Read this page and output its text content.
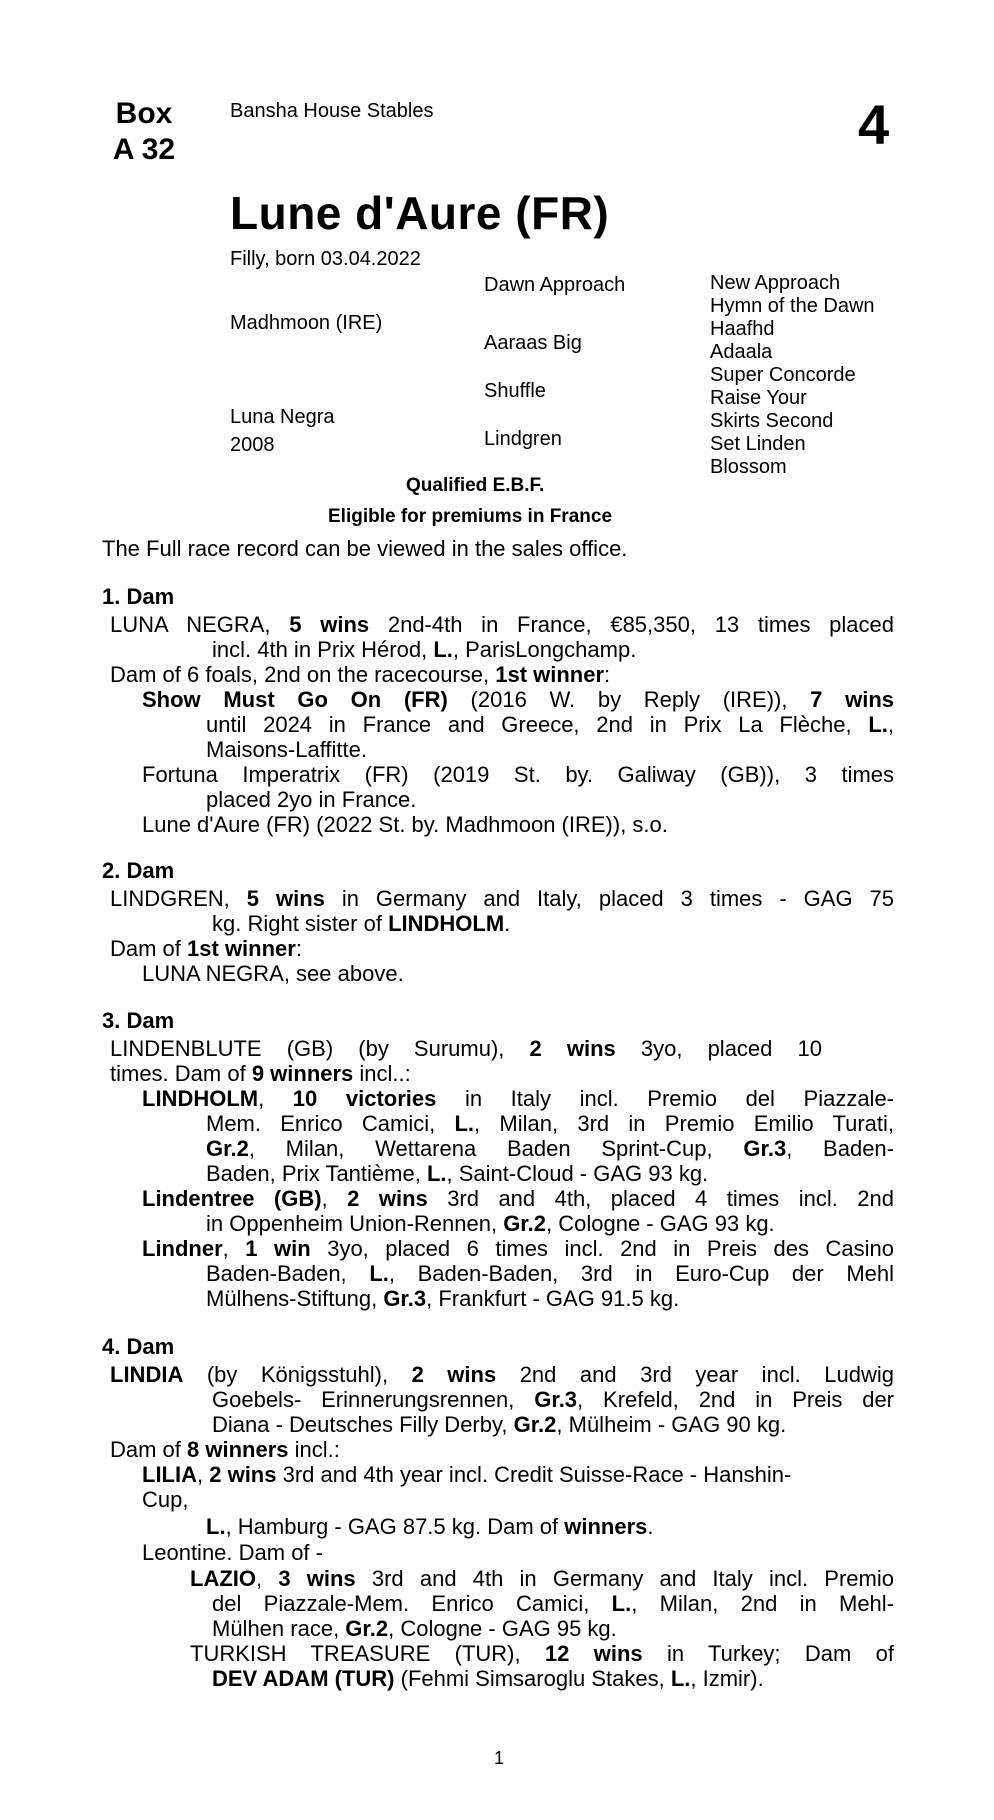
Box
A 32
Bansha House Stables	4
Lune d'Aure (FR)
Filly, born 03.04.2022
Madhmoon (IRE)
Luna Negra
2008
Dawn Approach
Aaraas Big
Shuffle
Lindgren
New Approach
Hymn of the Dawn
Haafhd
Adaala
Super Concorde
Raise Your
Skirts Second
Set Linden
Blossom
Qualified E.B.F.
Eligible for premiums in France
The Full race record can be viewed in the sales office.
1. Dam
LUNA NEGRA, 5 wins 2nd-4th in France, €85,350, 13 times placed
incl. 4th in Prix Hérod, L., ParisLongchamp.
Dam of 6 foals, 2nd on the racecourse, 1st winner:
Show Must Go On (FR) (2016 W. by Reply (IRE)), 7 wins
until 2024 in France and Greece, 2nd in Prix La Flèche, L.,
Maisons-Laffitte.
Fortuna Imperatrix (FR) (2019 St. by. Galiway (GB)), 3 times
placed 2yo in France.
Lune d'Aure (FR) (2022 St. by. Madhmoon (IRE)), s.o.
2. Dam
LINDGREN, 5 wins in Germany and Italy, placed 3 times - GAG 75
kg. Right sister of LINDHOLM.
Dam of 1st winner:
LUNA NEGRA, see above.
3. Dam
LINDENBLUTE (GB) (by Surumu), 2 wins 3yo, placed 10
times. Dam of 9 winners incl..:
LINDHOLM, 10 victories in Italy incl. Premio del Piazzale-
Mem. Enrico Camici, L., Milan, 3rd in Premio Emilio Turati,
Gr.2, Milan, Wettarena Baden Sprint-Cup, Gr.3, Baden-
Baden, Prix Tantième, L., Saint-Cloud - GAG 93 kg.
Lindentree (GB), 2 wins 3rd and 4th, placed 4 times incl. 2nd
in Oppenheim Union-Rennen, Gr.2, Cologne - GAG 93 kg.
Lindner, 1 win 3yo, placed 6 times incl. 2nd in Preis des Casino
Baden-Baden, L., Baden-Baden, 3rd in Euro-Cup der Mehl
Mülhens-Stiftung, Gr.3, Frankfurt - GAG 91.5 kg.
4. Dam
LINDIA (by Königsstuhl), 2 wins 2nd and 3rd year incl. Ludwig
Goebels- Erinnerungsrennen, Gr.3, Krefeld, 2nd in Preis der
Diana - Deutsches Filly Derby, Gr.2, Mülheim - GAG 90 kg.
Dam of 8 winners incl.:
LILIA, 2 wins 3rd and 4th year incl. Credit Suisse-Race - Hanshin-
Cup,
L., Hamburg - GAG 87.5 kg. Dam of winners.
Leontine. Dam of -
LAZIO, 3 wins 3rd and 4th in Germany and Italy incl. Premio
del Piazzale-Mem. Enrico Camici, L., Milan, 2nd in Mehl-
Mülhen race, Gr.2, Cologne - GAG 95 kg.
TURKISH TREASURE (TUR), 12 wins in Turkey; Dam of
DEV ADAM (TUR) (Fehmi Simsaroglu Stakes, L., Izmir).
1
